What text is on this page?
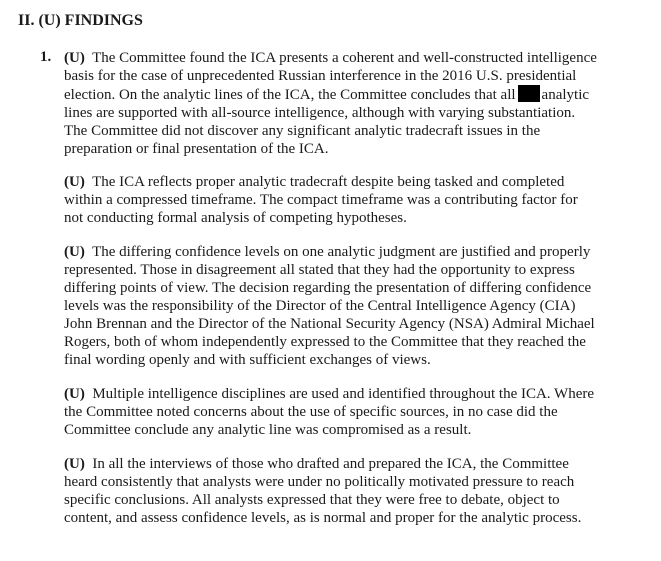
II. (U) FINDINGS
1. (U) The Committee found the ICA presents a coherent and well-constructed intelligence
basis for the case of unprecedented Russian interference in the 2016 U.S. presidential
election. On the analytic lines of the ICA, the Committee concludes that all analytic
lines are supported with all-source intelligence, although with varying substantiation.
The Committee did not discover any significant analytic tradecraft issues in the
preparation or final presentation of the ICA.
(U) The ICA reflects proper analytic tradecraft despite being tasked and completed
within a compressed timeframe. The compact timeframe was a contributing factor for
not conducting formal analysis of competing hypotheses.
(U) The differing confidence levels on one analytic judgment are justified and properly
represented. Those in disagreement all stated that they had the opportunity to express
differing points of view. The decision regarding the presentation of differing confidence
levels was the responsibility of the Director of the Central Intelligence Agency (CIA)
John Brennan and the Director of the National Security Agency (NSA) Admiral Michael
Rogers, both of whom independently expressed to the Committee that they reached the
final wording openly and with sufficient exchanges of views.
(U) Multiple intelligence disciplines are used and identified throughout the ICA. Where
the Committee noted concerns about the use of specific sources, in no case did the
Committee conclude any analytic line was compromised as a result.
(U) In all the interviews of those who drafted and prepared the ICA, the Committee
heard consistently that analysts were under no politically motivated pressure to reach
specific conclusions. All analysts expressed that they were free to debate, object to
content, and assess confidence levels, as is normal and proper for the analytic process.
